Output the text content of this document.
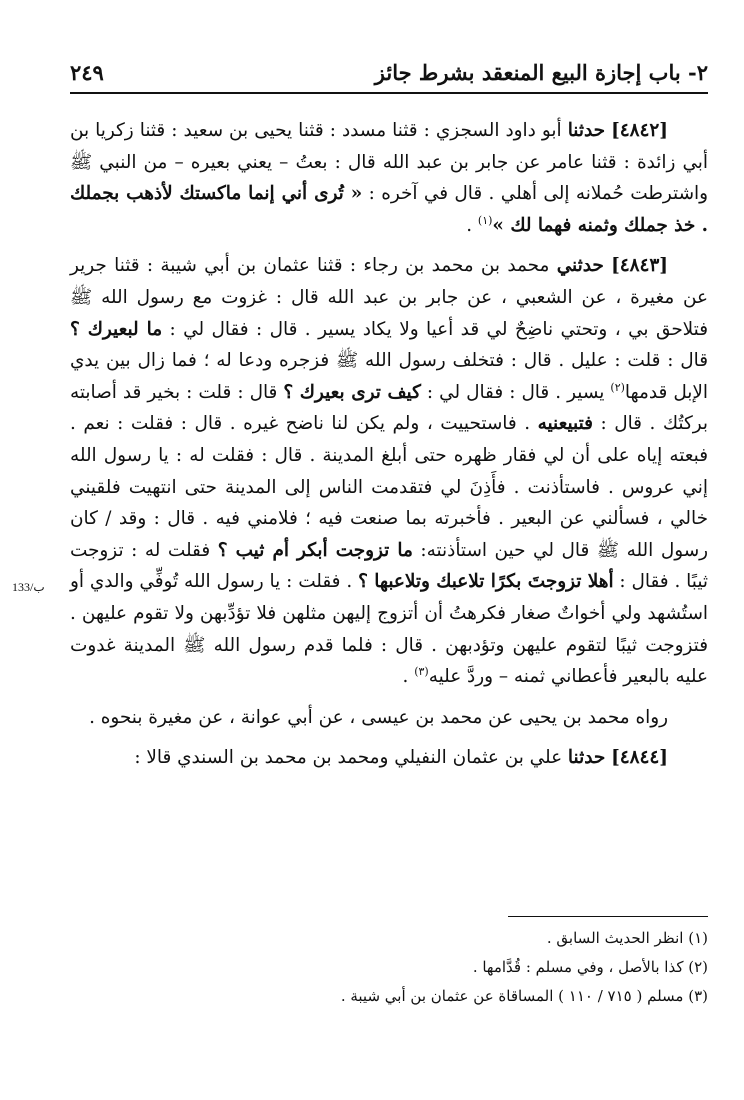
٢- باب إجازة البيع المنعقد بشرط جائز
٢٤٩
133/ب

[٤٨٤٢] حدثنا أبو داود السجزي : قثنا مسدد : قثنا يحيى بن سعيد : قثنا زكريا بن أبي زائدة : قثنا عامر عن جابر بن عبد الله قال : بعتُ – يعني بعيره – من النبي ﷺ واشترطت حُملانه إلى أهلي . قال في آخره : « تُرى أني إنما ماكستك لأذهب بجملك . خذ جملك وثمنه فهما لك »$^{(١)}$ .

[٤٨٤٣] حدثني محمد بن محمد بن رجاء : قثنا عثمان بن أبي شيبة : قثنا جرير عن مغيرة ، عن الشعبي ، عن جابر بن عبد الله قال : غزوت مع رسول الله ﷺ فتلاحق بي ، وتحتي ناضِحٌ لي قد أعيا ولا يكاد يسير . قال : فقال لي : ما لبعيرك ؟ قال : قلت : عليل . قال : فتخلف رسول الله ﷺ فزجره ودعا له ؛ فما زال بين يدي الإبل قدمها$^{(٢)}$ يسير . قال : فقال لي : كيف ترى بعيرك ؟ قال : قلت : بخير قد أصابته بركتُك . قال : فتبيعنيه . فاستحييت ، ولم يكن لنا ناضح غيره . قال : فقلت : نعم . فبعته إياه على أن لي فقار ظهره حتى أبلغ المدينة . قال : فقلت له : يا رسول الله إني عروس . فاستأذنت . فأَذِنَ لي فتقدمت الناس إلى المدينة حتى انتهيت فلقيني خالي ، فسألني عن البعير . فأخبرته بما صنعت فيه ؛ فلامني فيه . قال : وقد / كان رسول الله ﷺ قال لي حين استأذنته: ما تزوجت أبكر أم ثيب ؟ فقلت له : تزوجت ثيبًا . فقال : أهلا تزوجتَ بكرًا تلاعبك وتلاعبها ؟ . فقلت : يا رسول الله تُوفِّي والدي أو استُشهد ولي أخواتٌ صغار فكرهتُ أن أتزوج إليهن مثلهن فلا تؤدِّبهن ولا تقوم عليهن . فتزوجت ثيبًا لتقوم عليهن وتؤدبهن . قال : فلما قدم رسول الله ﷺ المدينة غدوت عليه بالبعير فأعطاني ثمنه – وردَّ عليه$^{(٣)}$ .

رواه محمد بن يحيى عن محمد بن عيسى ، عن أبي عوانة ، عن مغيرة بنحوه .

[٤٨٤٤] حدثنا علي بن عثمان النفيلي ومحمد بن محمد بن السندي قالا :

(١) انظر الحديث السابق .
(٢) كذا بالأصل ، وفي مسلم : قُدَّامها .
(٣) مسلم ( ٧١٥ / ١١٠ ) المساقاة عن عثمان بن أبي شيبة .
